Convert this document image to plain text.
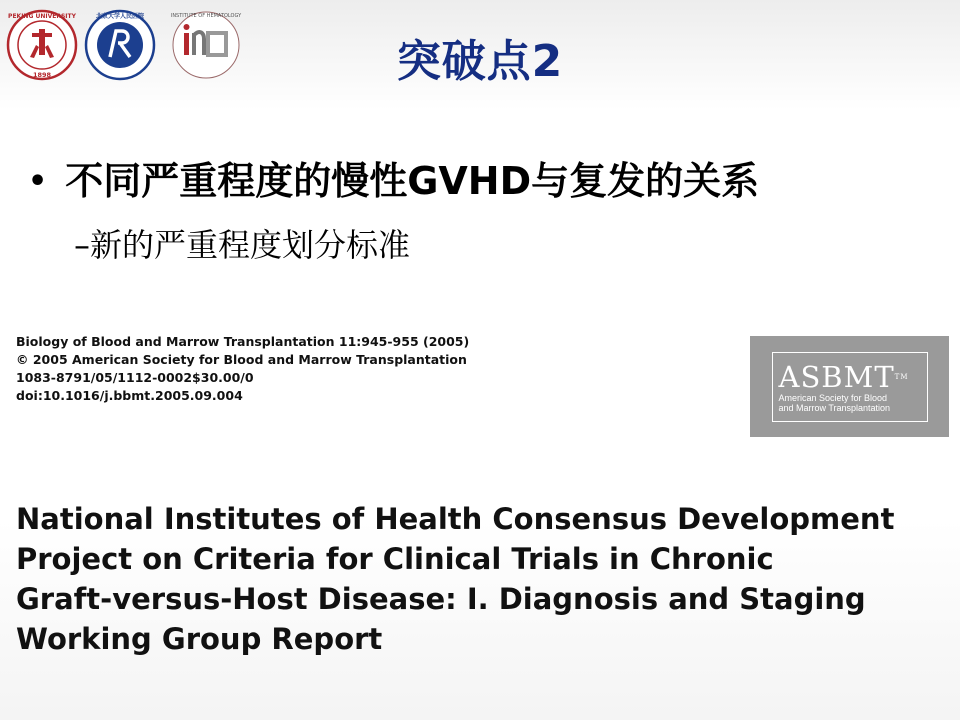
PEKING UNIVERSITY
1898
北京大学人民医院	INSTITUTE OF HEMATOLOGY
突破点2
• 不同严重程度的慢性GVHD与复发的关系
–新的严重程度划分标准
Biology of Blood and Marrow Transplantation 11:945-955 (2005)
© 2005 American Society for Blood and Marrow Transplantation
1083-8791/05/1112-0002$30.00/0
doi:10.1016/j.bbmt.2005.09.004
ASBMTTM
American Society for Blood
and Marrow Transplantation
National Institutes of Health Consensus Development
Project on Criteria for Clinical Trials in Chronic
Graft-versus-Host Disease: I. Diagnosis and Staging
Working Group Report
